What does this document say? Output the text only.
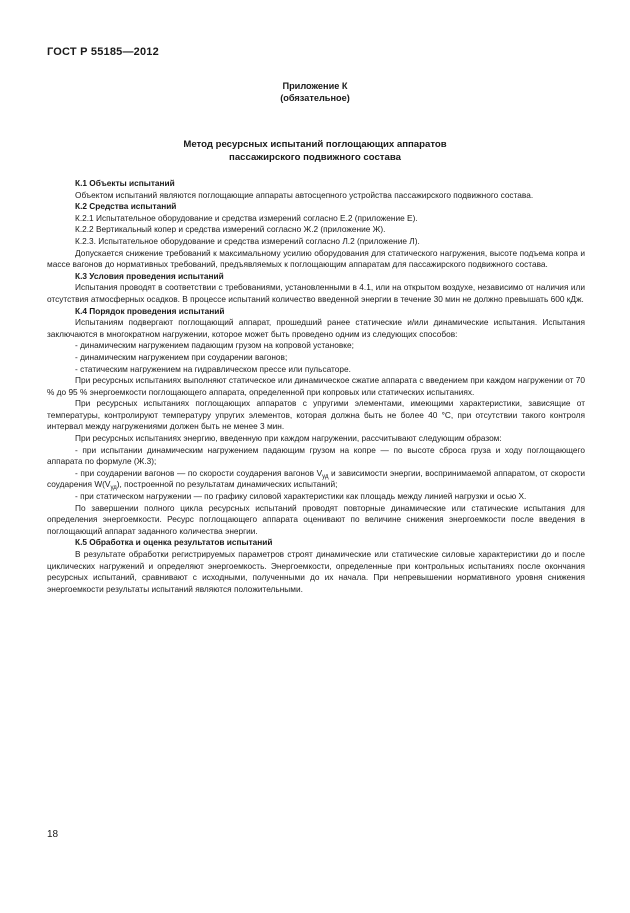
ГОСТ Р 55185—2012
Приложение К
(обязательное)
Метод ресурсных испытаний поглощающих аппаратов
пассажирского подвижного состава

К.1 Объекты испытаний

Объектом испытаний являются поглощающие аппараты автосцепного устройства пассажирского подвижного состава.

К.2 Средства испытаний

К.2.1 Испытательное оборудование и средства измерений согласно Е.2 (приложение Е).

К.2.2 Вертикальный копер и средства измерений согласно Ж.2 (приложение Ж).

К.2.3. Испытательное оборудование и средства измерений согласно Л.2 (приложение Л).

Допускается снижение требований к максимальному усилию оборудования для статического нагружения, высоте подъема копра и массе вагонов до нормативных требований, предъявляемых к поглощающим аппаратам для пассажирского подвижного состава.

К.3 Условия проведения испытаний

Испытания проводят в соответствии с требованиями, установленными в 4.1, или на открытом воздухе, независимо от наличия или отсутствия атмосферных осадков. В процессе испытаний количество введенной энергии в течение 30 мин не должно превышать 600 кДж.

К.4 Порядок проведения испытаний

Испытаниям подвергают поглощающий аппарат, прошедший ранее статические и/или динамические испытания. Испытания заключаются в многократном нагружении, которое может быть проведено одним из следующих способов:

- динамическим нагружением падающим грузом на копровой установке;

- динамическим нагружением при соударении вагонов;

- статическим нагружением на гидравлическом прессе или пульсаторе.

При ресурсных испытаниях выполняют статическое или динамическое сжатие аппарата с введением при каждом нагружении от 70 % до 95 % энергоемкости поглощающего аппарата, определенной при копровых или статических испытаниях.

При ресурсных испытаниях поглощающих аппаратов с упругими элементами, имеющими характеристики, зависящие от температуры, контролируют температуру упругих элементов, которая должна быть не более 40 °С, при отсутствии такого контроля интервал между нагружениями должен быть не менее 3 мин.

При ресурсных испытаниях энергию, введенную при каждом нагружении, рассчитывают следующим образом:

- при испытании динамическим нагружением падающим грузом на копре — по высоте сброса груза и ходу поглощающего аппарата по формуле (Ж.3);

- при соударении вагонов — по скорости соударения вагонов $V_{уд}$ и зависимости энергии, воспринимаемой аппаратом, от скорости соударения $W(V_{уд})$, построенной по результатам динамических испытаний;

- при статическом нагружении — по графику силовой характеристики как площадь между линией нагрузки и осью X.

По завершении полного цикла ресурсных испытаний проводят повторные динамические или статические испытания для определения энергоемкости. Ресурс поглощающего аппарата оценивают по величине снижения энергоемкости после введения в поглощающий аппарат заданного количества энергии.

К.5 Обработка и оценка результатов испытаний

В результате обработки регистрируемых параметров строят динамические или статические силовые характеристики до и после циклических нагружений и определяют энергоемкость. Энергоемкости, определенные при контрольных испытаниях после окончания ресурсных испытаний, сравнивают с исходными, полученными до их начала. При непревышении нормативного уровня снижения энергоемкости результаты испытаний являются положительными.

18
